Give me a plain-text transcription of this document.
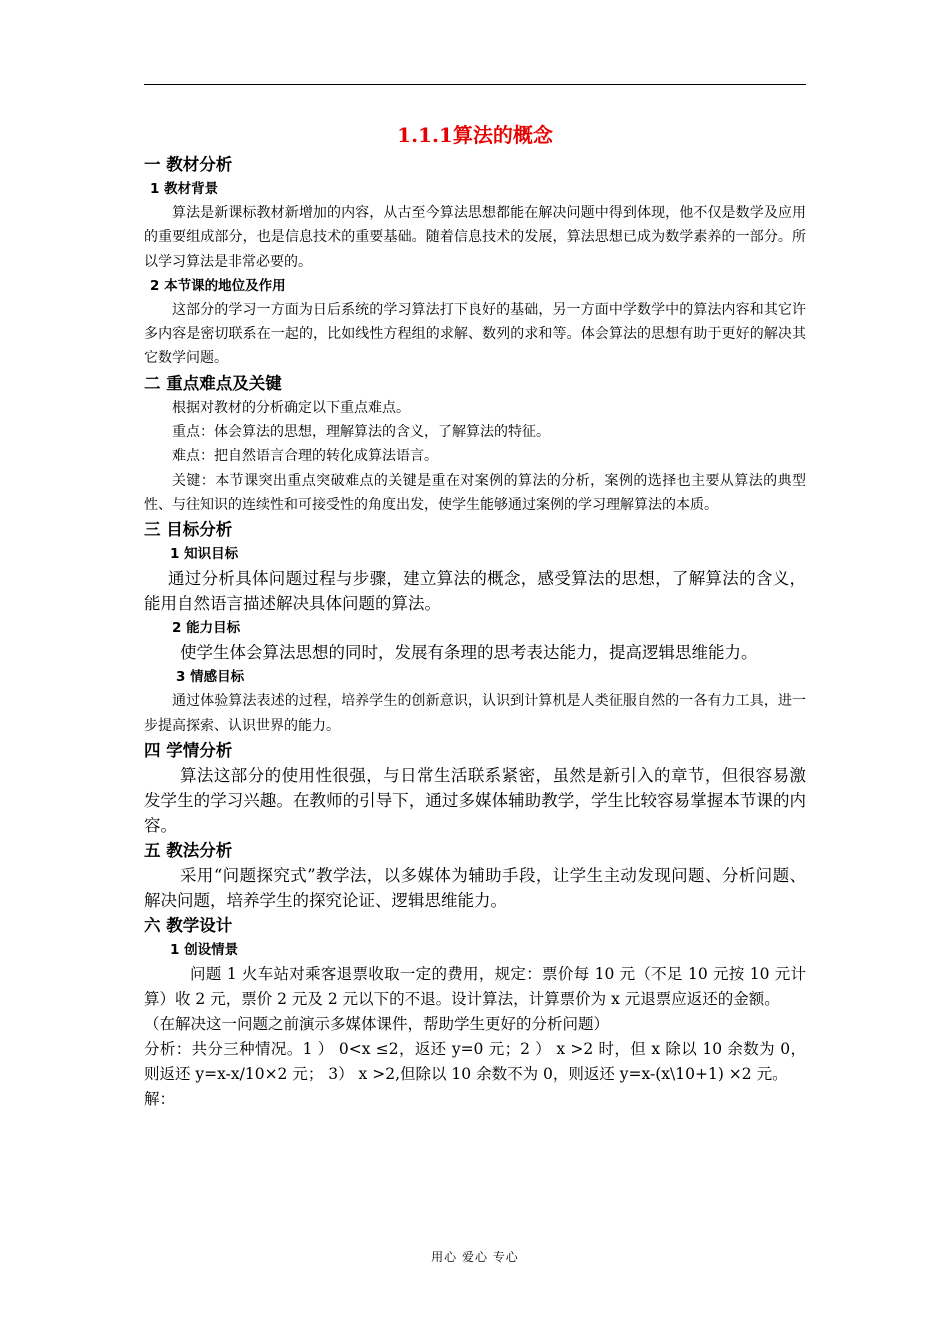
1.1.1算法的概念
一 教材分析
1 教材背景
算法是新课标教材新增加的内容，从古至今算法思想都能在解决问题中得到体现，他不仅是数学及应用的重要组成部分，也是信息技术的重要基础。随着信息技术的发展，算法思想已成为数学素养的一部分。所以学习算法是非常必要的。
2 本节课的地位及作用
这部分的学习一方面为日后系统的学习算法打下良好的基础，另一方面中学数学中的算法内容和其它许多内容是密切联系在一起的，比如线性方程组的求解、数列的求和等。体会算法的思想有助于更好的解决其它数学问题。
二 重点难点及关键
根据对教材的分析确定以下重点难点。
重点：体会算法的思想，理解算法的含义，了解算法的特征。
难点：把自然语言合理的转化成算法语言。
关键：本节课突出重点突破难点的关键是重在对案例的算法的分析，案例的选择也主要从算法的典型性、与往知识的连续性和可接受性的角度出发，使学生能够通过案例的学习理解算法的本质。
三 目标分析
1 知识目标
通过分析具体问题过程与步骤，建立算法的概念，感受算法的思想，了解算法的含义，能用自然语言描述解决具体问题的算法。
2 能力目标
使学生体会算法思想的同时，发展有条理的思考表达能力，提高逻辑思维能力。
3 情感目标
通过体验算法表述的过程，培养学生的创新意识，认识到计算机是人类征服自然的一各有力工具，进一步提高探索、认识世界的能力。
四 学情分析
算法这部分的使用性很强，与日常生活联系紧密，虽然是新引入的章节，但很容易激发学生的学习兴趣。在教师的引导下，通过多媒体辅助教学，学生比较容易掌握本节课的内容。
五 教法分析
采用“问题探究式”教学法，以多媒体为辅助手段，让学生主动发现问题、分析问题、解决问题，培养学生的探究论证、逻辑思维能力。
六 教学设计
1 创设情景
问题 1 火车站对乘客退票收取一定的费用，规定：票价每 10 元（不足 10 元按 10 元计算）收 2 元，票价 2 元及 2 元以下的不退。设计算法，计算票价为 x 元退票应返还的金额。
（在解决这一问题之前演示多媒体课件，帮助学生更好的分析问题）
分析：共分三种情况。1 ） 0<x ≤2，返还 y=0 元；2 ） x >2 时，但 x 除以 10 余数为 0，则返还 y=x-x/10×2 元； 3） x >2,但除以 10 余数不为 0，则返还 y=x-(x\10+1) ×2 元。
解：
用心 爱心 专心
